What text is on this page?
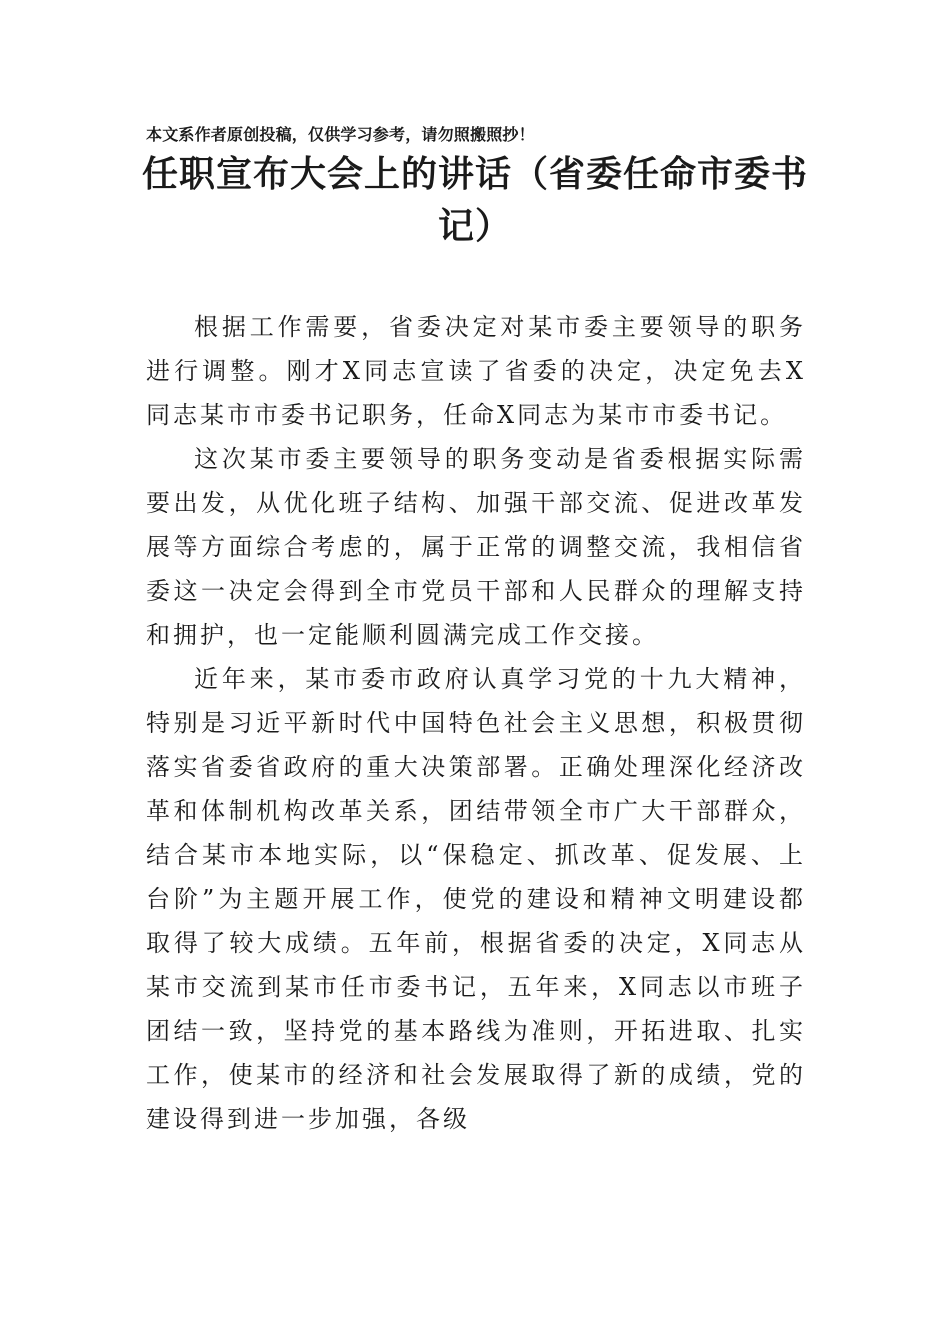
本文系作者原创投稿，仅供学习参考，请勿照搬照抄！
任职宣布大会上的讲话（省委任命市委书记）

根据工作需要，省委决定对某市委主要领导的职务进行调整。刚才X同志宣读了省委的决定，决定免去X同志某市市委书记职务，任命X同志为某市市委书记。

这次某市委主要领导的职务变动是省委根据实际需要出发，从优化班子结构、加强干部交流、促进改革发展等方面综合考虑的，属于正常的调整交流，我相信省委这一决定会得到全市党员干部和人民群众的理解支持和拥护，也一定能顺利圆满完成工作交接。

近年来，某市委市政府认真学习党的十九大精神，特别是习近平新时代中国特色社会主义思想，积极贯彻落实省委省政府的重大决策部署。正确处理深化经济改革和体制机构改革关系，团结带领全市广大干部群众，结合某市本地实际，以“保稳定、抓改革、促发展、上台阶”为主题开展工作，使党的建设和精神文明建设都取得了较大成绩。五年前，根据省委的决定，X同志从某市交流到某市任市委书记，五年来，X同志以市班子团结一致，坚持党的基本路线为准则，开拓进取、扎实工作，使某市的经济和社会发展取得了新的成绩，党的建设得到进一步加强，各级
